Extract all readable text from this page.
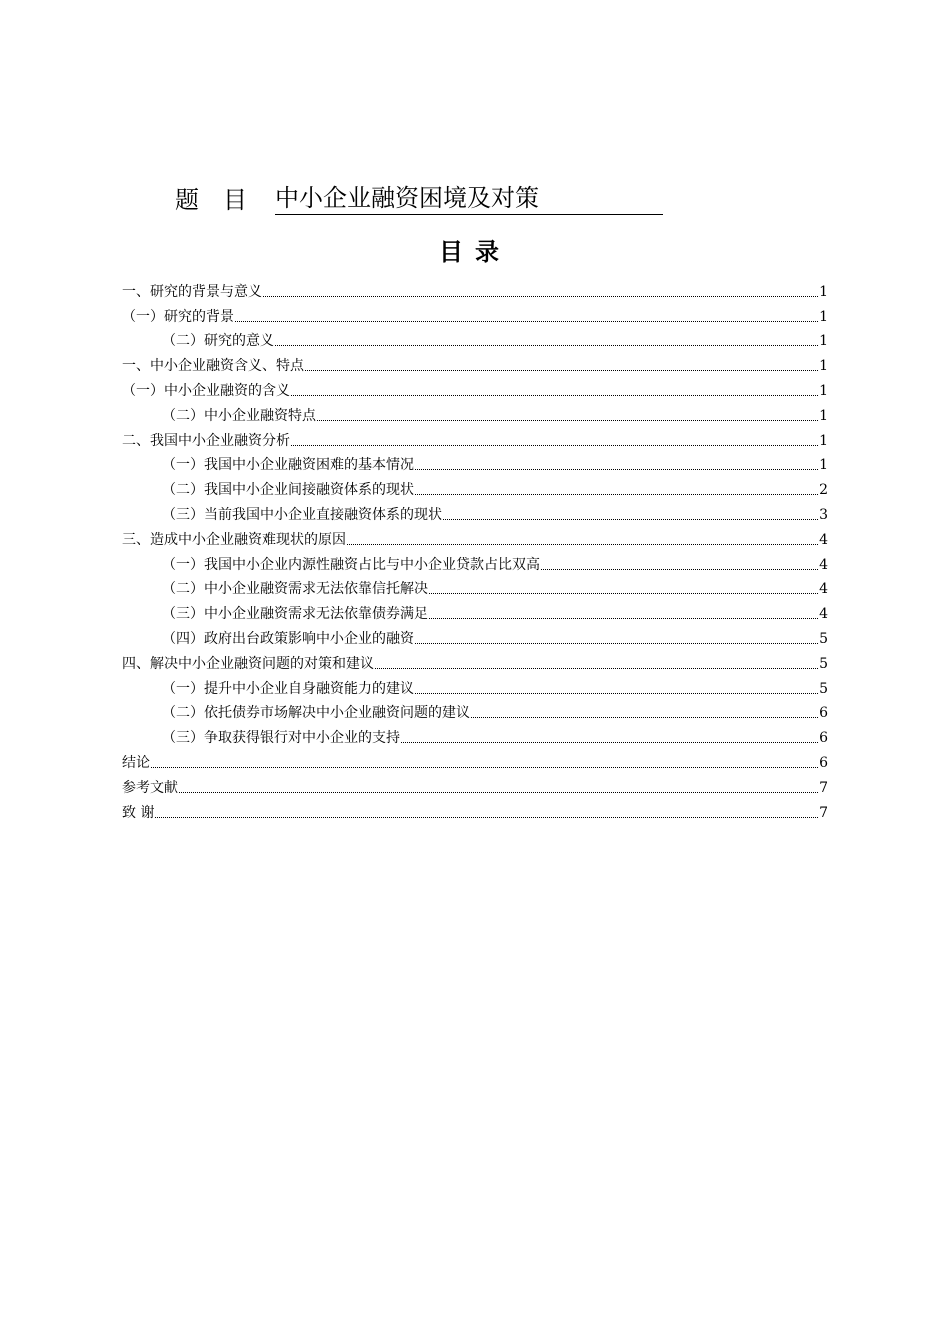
题目 中小企业融资困境及对策
目录
一、研究的背景与意义	1
（一）研究的背景	1
（二）研究的意义	1
一、中小企业融资含义、特点	1
（一）中小企业融资的含义	1
（二）中小企业融资特点	1
二、我国中小企业融资分析	1
（一）我国中小企业融资困难的基本情况	1
（二）我国中小企业间接融资体系的现状	2
（三）当前我国中小企业直接融资体系的现状	3
三、造成中小企业融资难现状的原因	4
（一）我国中小企业内源性融资占比与中小企业贷款占比双高	4
（二）中小企业融资需求无法依靠信托解决	4
（三）中小企业融资需求无法依靠债券满足	4
（四）政府出台政策影响中小企业的融资	5
四、解决中小企业融资问题的对策和建议	5
（一）提升中小企业自身融资能力的建议	5
（二）依托债券市场解决中小企业融资问题的建议	6
（三）争取获得银行对中小企业的支持	6
结论	6
参考文献	7
致 谢	7
